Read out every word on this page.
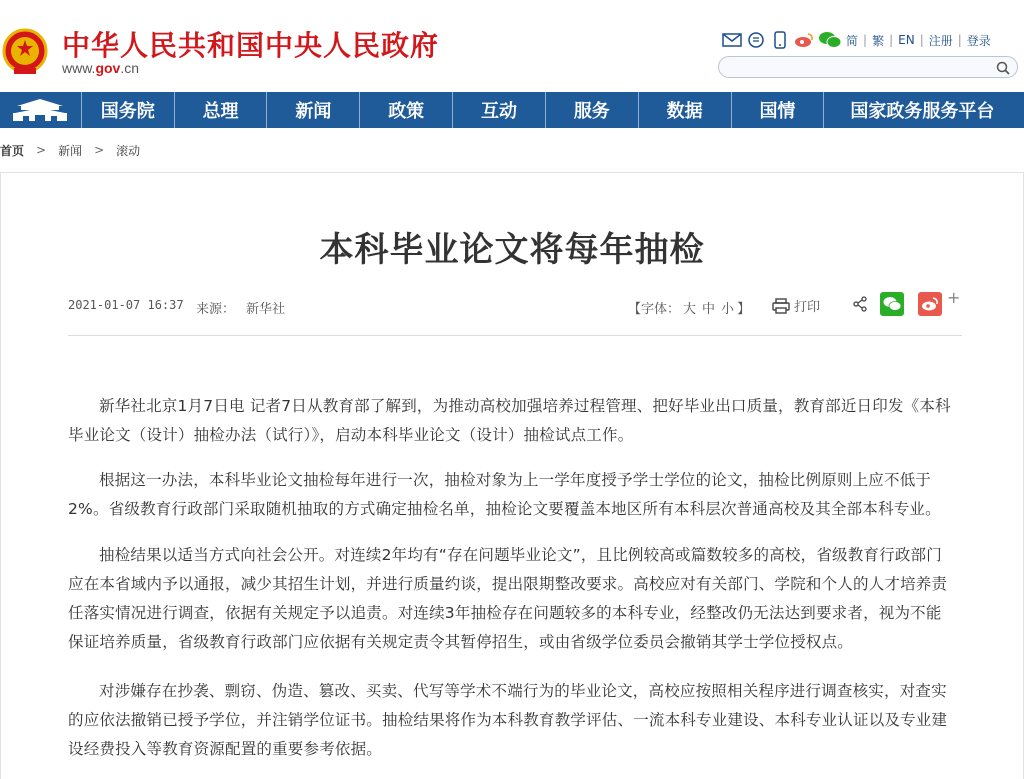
中华人民共和国中央人民政府
www.gov.cn
简 | 繁 | EN | 注册 | 登录
国务院	总理	新闻	政策	互动	服务	数据	国情	国家政务服务平台
首页 > 新闻 > 滚动
本科毕业论文将每年抽检
2021-01-07 16:37 来源： 新华社	【字体： 大 中 小 】	打印
+

新华社北京1月7日电 记者7日从教育部了解到，为推动高校加强培养过程管理、把好毕业出口质量，教育部近日印发《本科毕业论文（设计）抽检办法（试行）》，启动本科毕业论文（设计）抽检试点工作。

根据这一办法，本科毕业论文抽检每年进行一次，抽检对象为上一学年度授予学士学位的论文，抽检比例原则上应不低于2%。省级教育行政部门采取随机抽取的方式确定抽检名单，抽检论文要覆盖本地区所有本科层次普通高校及其全部本科专业。

抽检结果以适当方式向社会公开。对连续2年均有“存在问题毕业论文”，且比例较高或篇数较多的高校，省级教育行政部门应在本省域内予以通报，减少其招生计划，并进行质量约谈，提出限期整改要求。高校应对有关部门、学院和个人的人才培养责任落实情况进行调查，依据有关规定予以追责。对连续3年抽检存在问题较多的本科专业，经整改仍无法达到要求者，视为不能保证培养质量，省级教育行政部门应依据有关规定责令其暂停招生，或由省级学位委员会撤销其学士学位授权点。

对涉嫌存在抄袭、剽窃、伪造、篡改、买卖、代写等学术不端行为的毕业论文，高校应按照相关程序进行调查核实，对查实的应依法撤销已授予学位，并注销学位证书。抽检结果将作为本科教育教学评估、一流本科专业建设、本科专业认证以及专业建设经费投入等教育资源配置的重要参考依据。
